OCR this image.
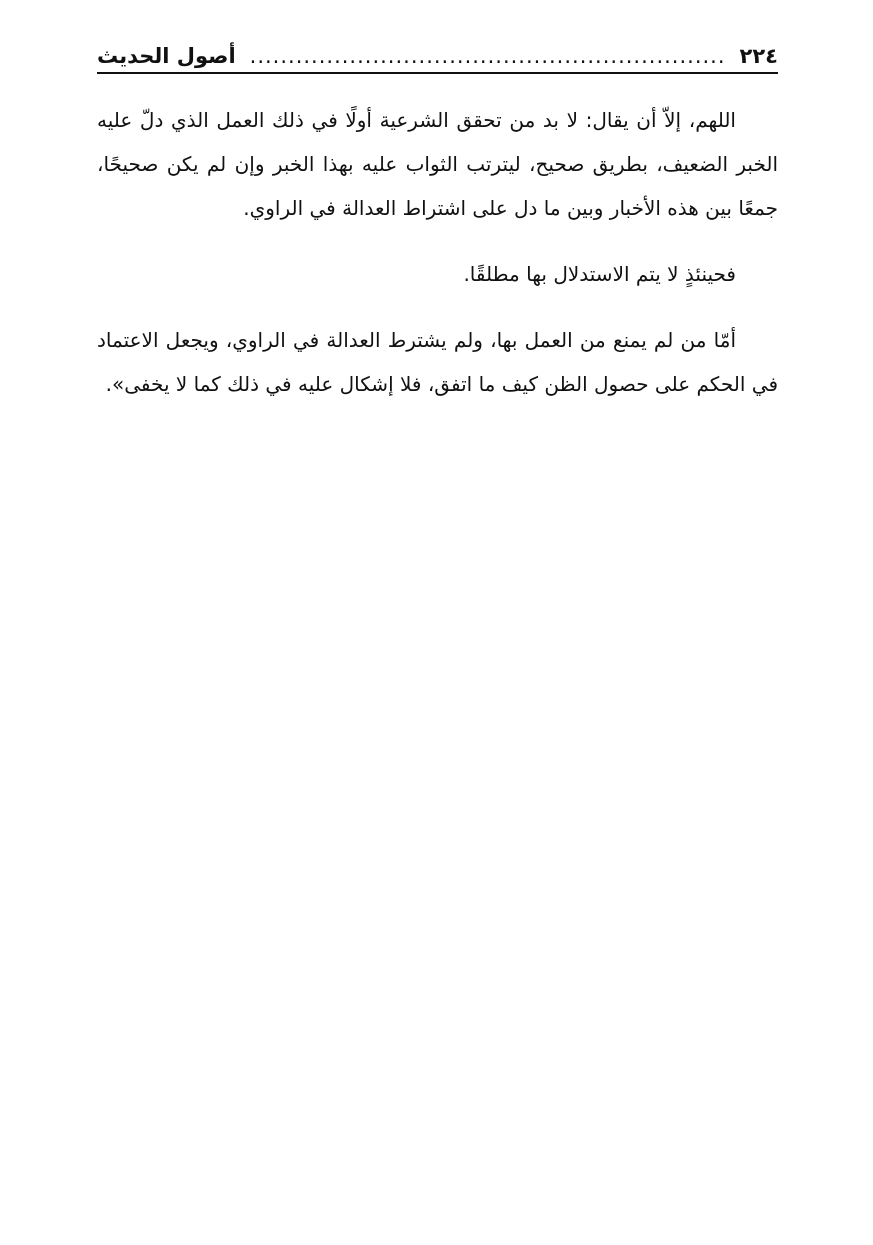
٢٢٤
..............................................................
أصول الحديث

اللهم، إلاّ أن يقال: لا بد من تحقق الشرعية أولًا في ذلك العمل الذي دلّ عليه الخبر الضعيف، بطريق صحيح، ليترتب الثواب عليه بهذا الخبر وإن لم يكن صحيحًا، جمعًا بين هذه الأخبار وبين ما دل على اشتراط العدالة في الراوي.

فحينئذٍ لا يتم الاستدلال بها مطلقًا.

أمّا من لم يمنع من العمل بها، ولم يشترط العدالة في الراوي، ويجعل الاعتماد في الحكم على حصول الظن كيف ما اتفق، فلا إشكال عليه في ذلك كما لا يخفى».
